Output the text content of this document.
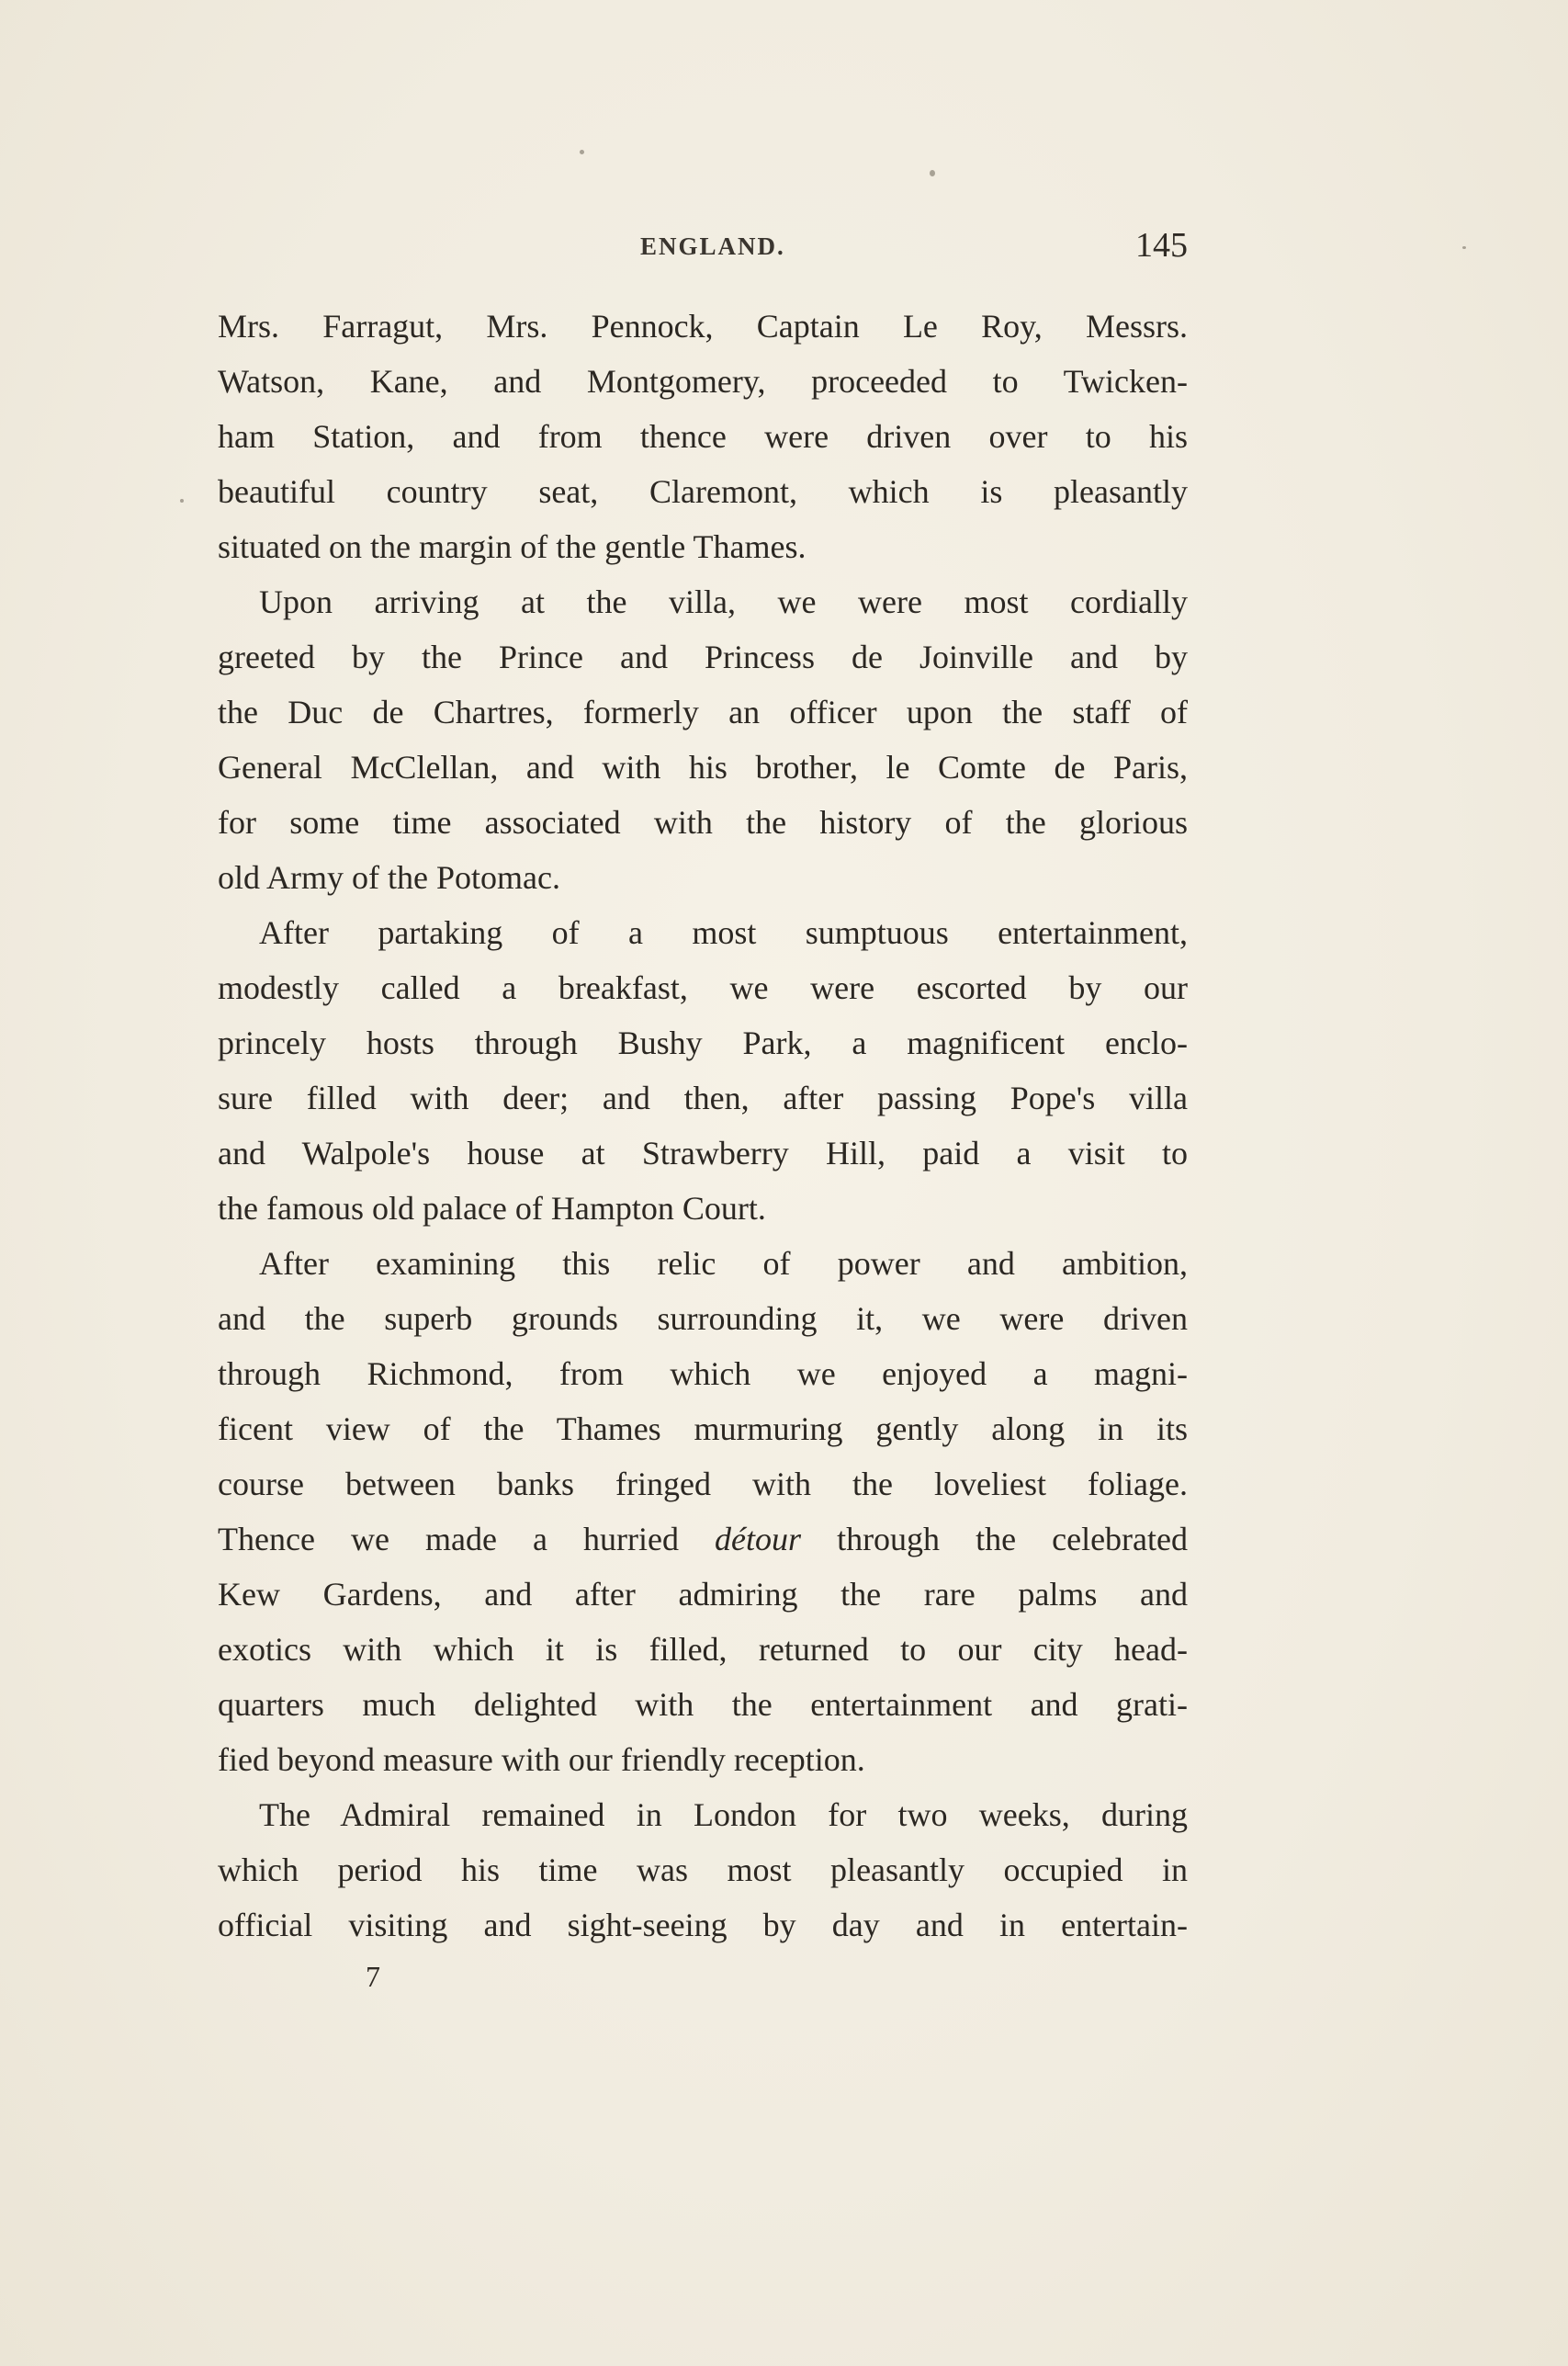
ENGLAND.	145
Mrs. Farragut, Mrs. Pennock, Captain Le Roy, Messrs.
Watson, Kane, and Montgomery, proceeded to Twicken-
ham Station, and from thence were driven over to his
beautiful country seat, Claremont, which is pleasantly
situated on the margin of the gentle Thames.
Upon arriving at the villa, we were most cordially
greeted by the Prince and Princess de Joinville and by
the Duc de Chartres, formerly an officer upon the staff of
General McClellan, and with his brother, le Comte de Paris,
for some time associated with the history of the glorious
old Army of the Potomac.
After partaking of a most sumptuous entertainment,
modestly called a breakfast, we were escorted by our
princely hosts through Bushy Park, a magnificent enclo-
sure filled with deer; and then, after passing Pope's villa
and Walpole's house at Strawberry Hill, paid a visit to
the famous old palace of Hampton Court.
After examining this relic of power and ambition,
and the superb grounds surrounding it, we were driven
through Richmond, from which we enjoyed a magni-
ficent view of the Thames murmuring gently along in its
course between banks fringed with the loveliest foliage.
Thence we made a hurried détour through the celebrated
Kew Gardens, and after admiring the rare palms and
exotics with which it is filled, returned to our city head-
quarters much delighted with the entertainment and grati-
fied beyond measure with our friendly reception.
The Admiral remained in London for two weeks, during
which period his time was most pleasantly occupied in
official visiting and sight-seeing by day and in entertain-
7
